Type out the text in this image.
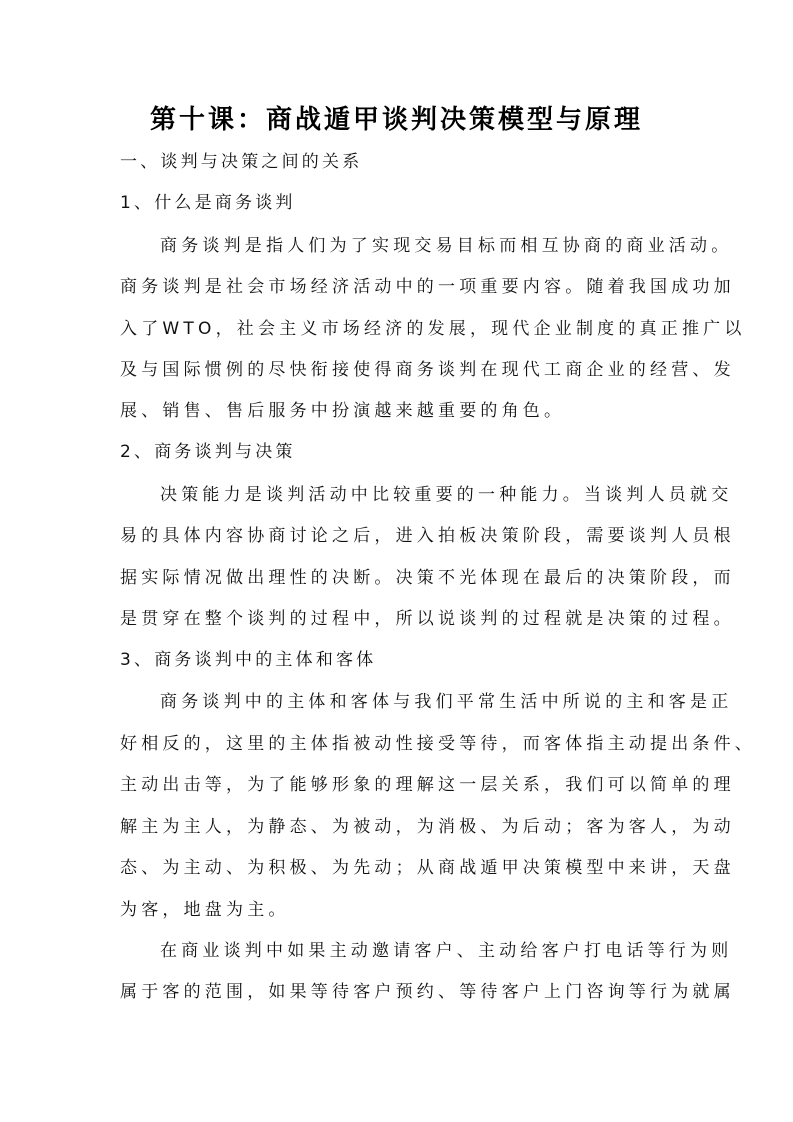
第十课：商战遁甲谈判决策模型与原理
一、谈判与决策之间的关系
1、什么是商务谈判
商务谈判是指人们为了实现交易目标而相互协商的商业活动。
商务谈判是社会市场经济活动中的一项重要内容。随着我国成功加
入了WTO，社会主义市场经济的发展，现代企业制度的真正推广以
及与国际惯例的尽快衔接使得商务谈判在现代工商企业的经营、发
展、销售、售后服务中扮演越来越重要的角色。
2、商务谈判与决策
决策能力是谈判活动中比较重要的一种能力。当谈判人员就交
易的具体内容协商讨论之后，进入拍板决策阶段，需要谈判人员根
据实际情况做出理性的决断。决策不光体现在最后的决策阶段，而
是贯穿在整个谈判的过程中，所以说谈判的过程就是决策的过程。
3、商务谈判中的主体和客体
商务谈判中的主体和客体与我们平常生活中所说的主和客是正
好相反的，这里的主体指被动性接受等待，而客体指主动提出条件、
主动出击等，为了能够形象的理解这一层关系，我们可以简单的理
解主为主人，为静态、为被动，为消极、为后动；客为客人，为动
态、为主动、为积极、为先动；从商战遁甲决策模型中来讲，天盘
为客，地盘为主。
在商业谈判中如果主动邀请客户、主动给客户打电话等行为则
属于客的范围，如果等待客户预约、等待客户上门咨询等行为就属
